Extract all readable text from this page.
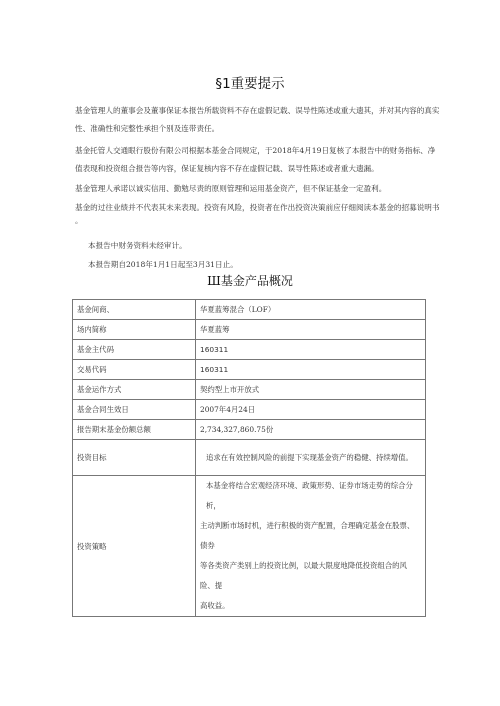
§1重要提示
基金管理人的董事会及董事保证本报告所载资料不存在虚假记载、误导性陈述或重大遗其，并对其内容的真实
性、准确性和完整性承担个别及连带责任。
基金托管人交通眼行股份有限公司根据本基金合同规定，于2018年4月19日复核了本报告中的财务指标、净
值表现和投资组合报告等内容，保证复核内容不存在虚假记载、误导性陈述或者重大遗漏。
基金管理人承诺以诚实信用、勤勉尽责的原则管理和运用基金资产，但不保证基金一定盈利。
基金的过往业绩并不代表其未来表现。投资有风险，投资者在作出投资决策前应仔细阅读本基金的招募说明书
。
本报告中财务资料未经审计。
本报告期自2018年1月1日起至3月31日止。
Ш基金产品概况
基金间商、	华夏蓝筹混合（LOF）
场内简称	华夏蓝筹
基金主代码	160311
交易代码	160311
基金运作方式	契约型上市开放式
基金合同生效日	2007年4月24日
报告期末基金份额总额	2,734,327,860.75份
投资目标	追求在有效控制风险的前提下实现基金资产的稳健、持续增值。
投资策略	本基金将结合宏观经济环境、政策形势、证券市场走势的综合分析，
主动判断市场时机，进行积极的资产配置，合理确定基金在股票、债券
等各类资产类别上的投资比例，以最大限度地降低投资组合的风险、提
高收益。
